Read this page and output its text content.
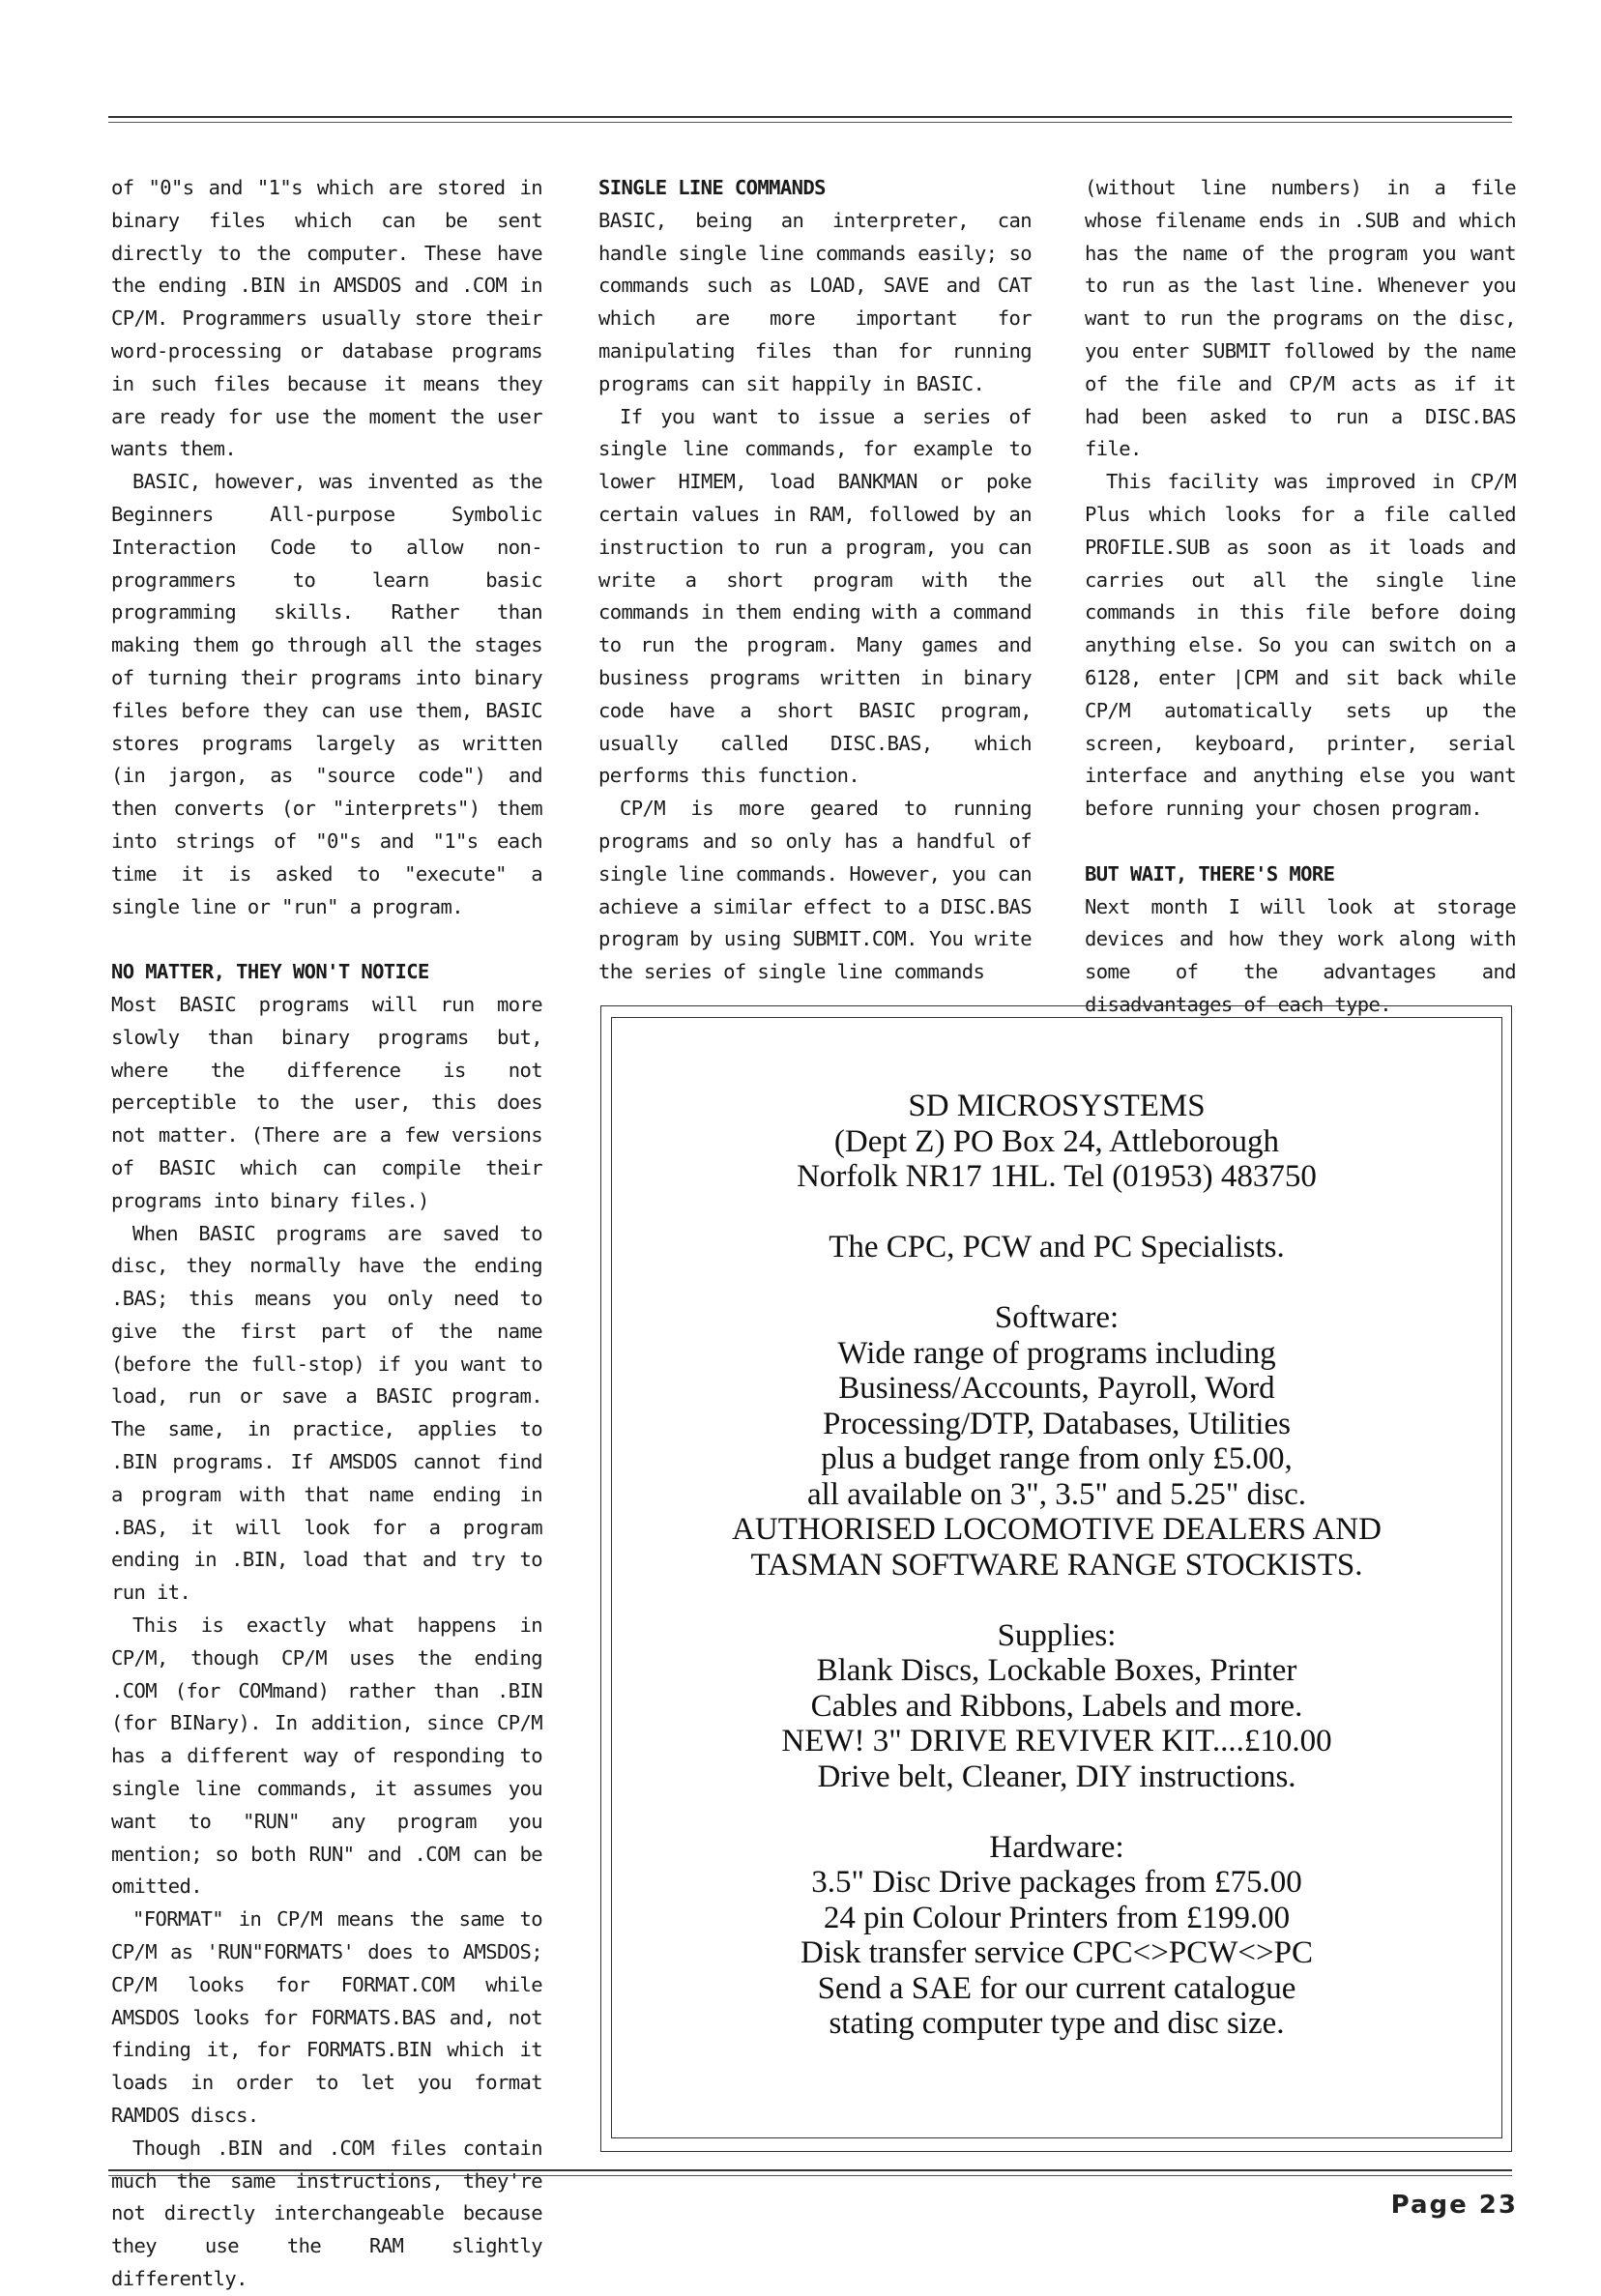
of "0"s and "1"s which are stored in binary files which can be sent directly to the computer. These have the ending .BIN in AMSDOS and .COM in CP/M. Programmers usually store their word-processing or database programs in such files because it means they are ready for use the moment the user wants them.

BASIC, however, was invented as the Beginners All-purpose Symbolic Interaction Code to allow non-programmers to learn basic programming skills. Rather than making them go through all the stages of turning their programs into binary files before they can use them, BASIC stores programs largely as written (in jargon, as "source code") and then converts (or "interprets") them into strings of "0"s and "1"s each time it is asked to "execute" a single line or "run" a program.

NO MATTER, THEY WON'T NOTICE

Most BASIC programs will run more slowly than binary programs but, where the difference is not perceptible to the user, this does not matter. (There are a few versions of BASIC which can compile their programs into binary files.)

When BASIC programs are saved to disc, they normally have the ending .BAS; this means you only need to give the first part of the name (before the full-stop) if you want to load, run or save a BASIC program. The same, in practice, applies to .BIN programs. If AMSDOS cannot find a program with that name ending in .BAS, it will look for a program ending in .BIN, load that and try to run it.

This is exactly what happens in CP/M, though CP/M uses the ending .COM (for COMmand) rather than .BIN (for BINary). In addition, since CP/M has a different way of responding to single line commands, it assumes you want to "RUN" any program you mention; so both RUN" and .COM can be omitted.

"FORMAT" in CP/M means the same to CP/M as 'RUN"FORMATS' does to AMSDOS; CP/M looks for FORMAT.COM while AMSDOS looks for FORMATS.BAS and, not finding it, for FORMATS.BIN which it loads in order to let you format RAMDOS discs.

Though .BIN and .COM files contain much the same instructions, they're not directly interchangeable because they use the RAM slightly differently.

SINGLE LINE COMMANDS

BASIC, being an interpreter, can handle single line commands easily; so commands such as LOAD, SAVE and CAT which are more important for manipulating files than for running programs can sit happily in BASIC.

If you want to issue a series of single line commands, for example to lower HIMEM, load BANKMAN or poke certain values in RAM, followed by an instruction to run a program, you can write a short program with the commands in them ending with a command to run the program. Many games and business programs written in binary code have a short BASIC program, usually called DISC.BAS, which performs this function.

CP/M is more geared to running programs and so only has a handful of single line commands. However, you can achieve a similar effect to a DISC.BAS program by using SUBMIT.COM. You write the series of single line commands

(without line numbers) in a file whose filename ends in .SUB and which has the name of the program you want to run as the last line. Whenever you want to run the programs on the disc, you enter SUBMIT followed by the name of the file and CP/M acts as if it had been asked to run a DISC.BAS file.

This facility was improved in CP/M Plus which looks for a file called PROFILE.SUB as soon as it loads and carries out all the single line commands in this file before doing anything else. So you can switch on a 6128, enter |CPM and sit back while CP/M automatically sets up the screen, keyboard, printer, serial interface and anything else you want before running your chosen program.

BUT WAIT, THERE'S MORE

Next month I will look at storage devices and how they work along with some of the advantages and disadvantages of each type.

SD MICROSYSTEMS
(Dept Z) PO Box 24, Attleborough
Norfolk NR17 1HL. Tel (01953) 483750
The CPC, PCW and PC Specialists.
Software:
Wide range of programs including
Business/Accounts, Payroll, Word
Processing/DTP, Databases, Utilities
plus a budget range from only £5.00,
all available on 3", 3.5" and 5.25" disc.
AUTHORISED LOCOMOTIVE DEALERS AND
TASMAN SOFTWARE RANGE STOCKISTS.
Supplies:
Blank Discs, Lockable Boxes, Printer
Cables and Ribbons, Labels and more.
NEW! 3" DRIVE REVIVER KIT....£10.00
Drive belt, Cleaner, DIY instructions.
Hardware:
3.5" Disc Drive packages from £75.00
24 pin Colour Printers from £199.00
Disk transfer service CPC<>PCW<>PC
Send a SAE for our current catalogue
stating computer type and disc size.
Page 23
